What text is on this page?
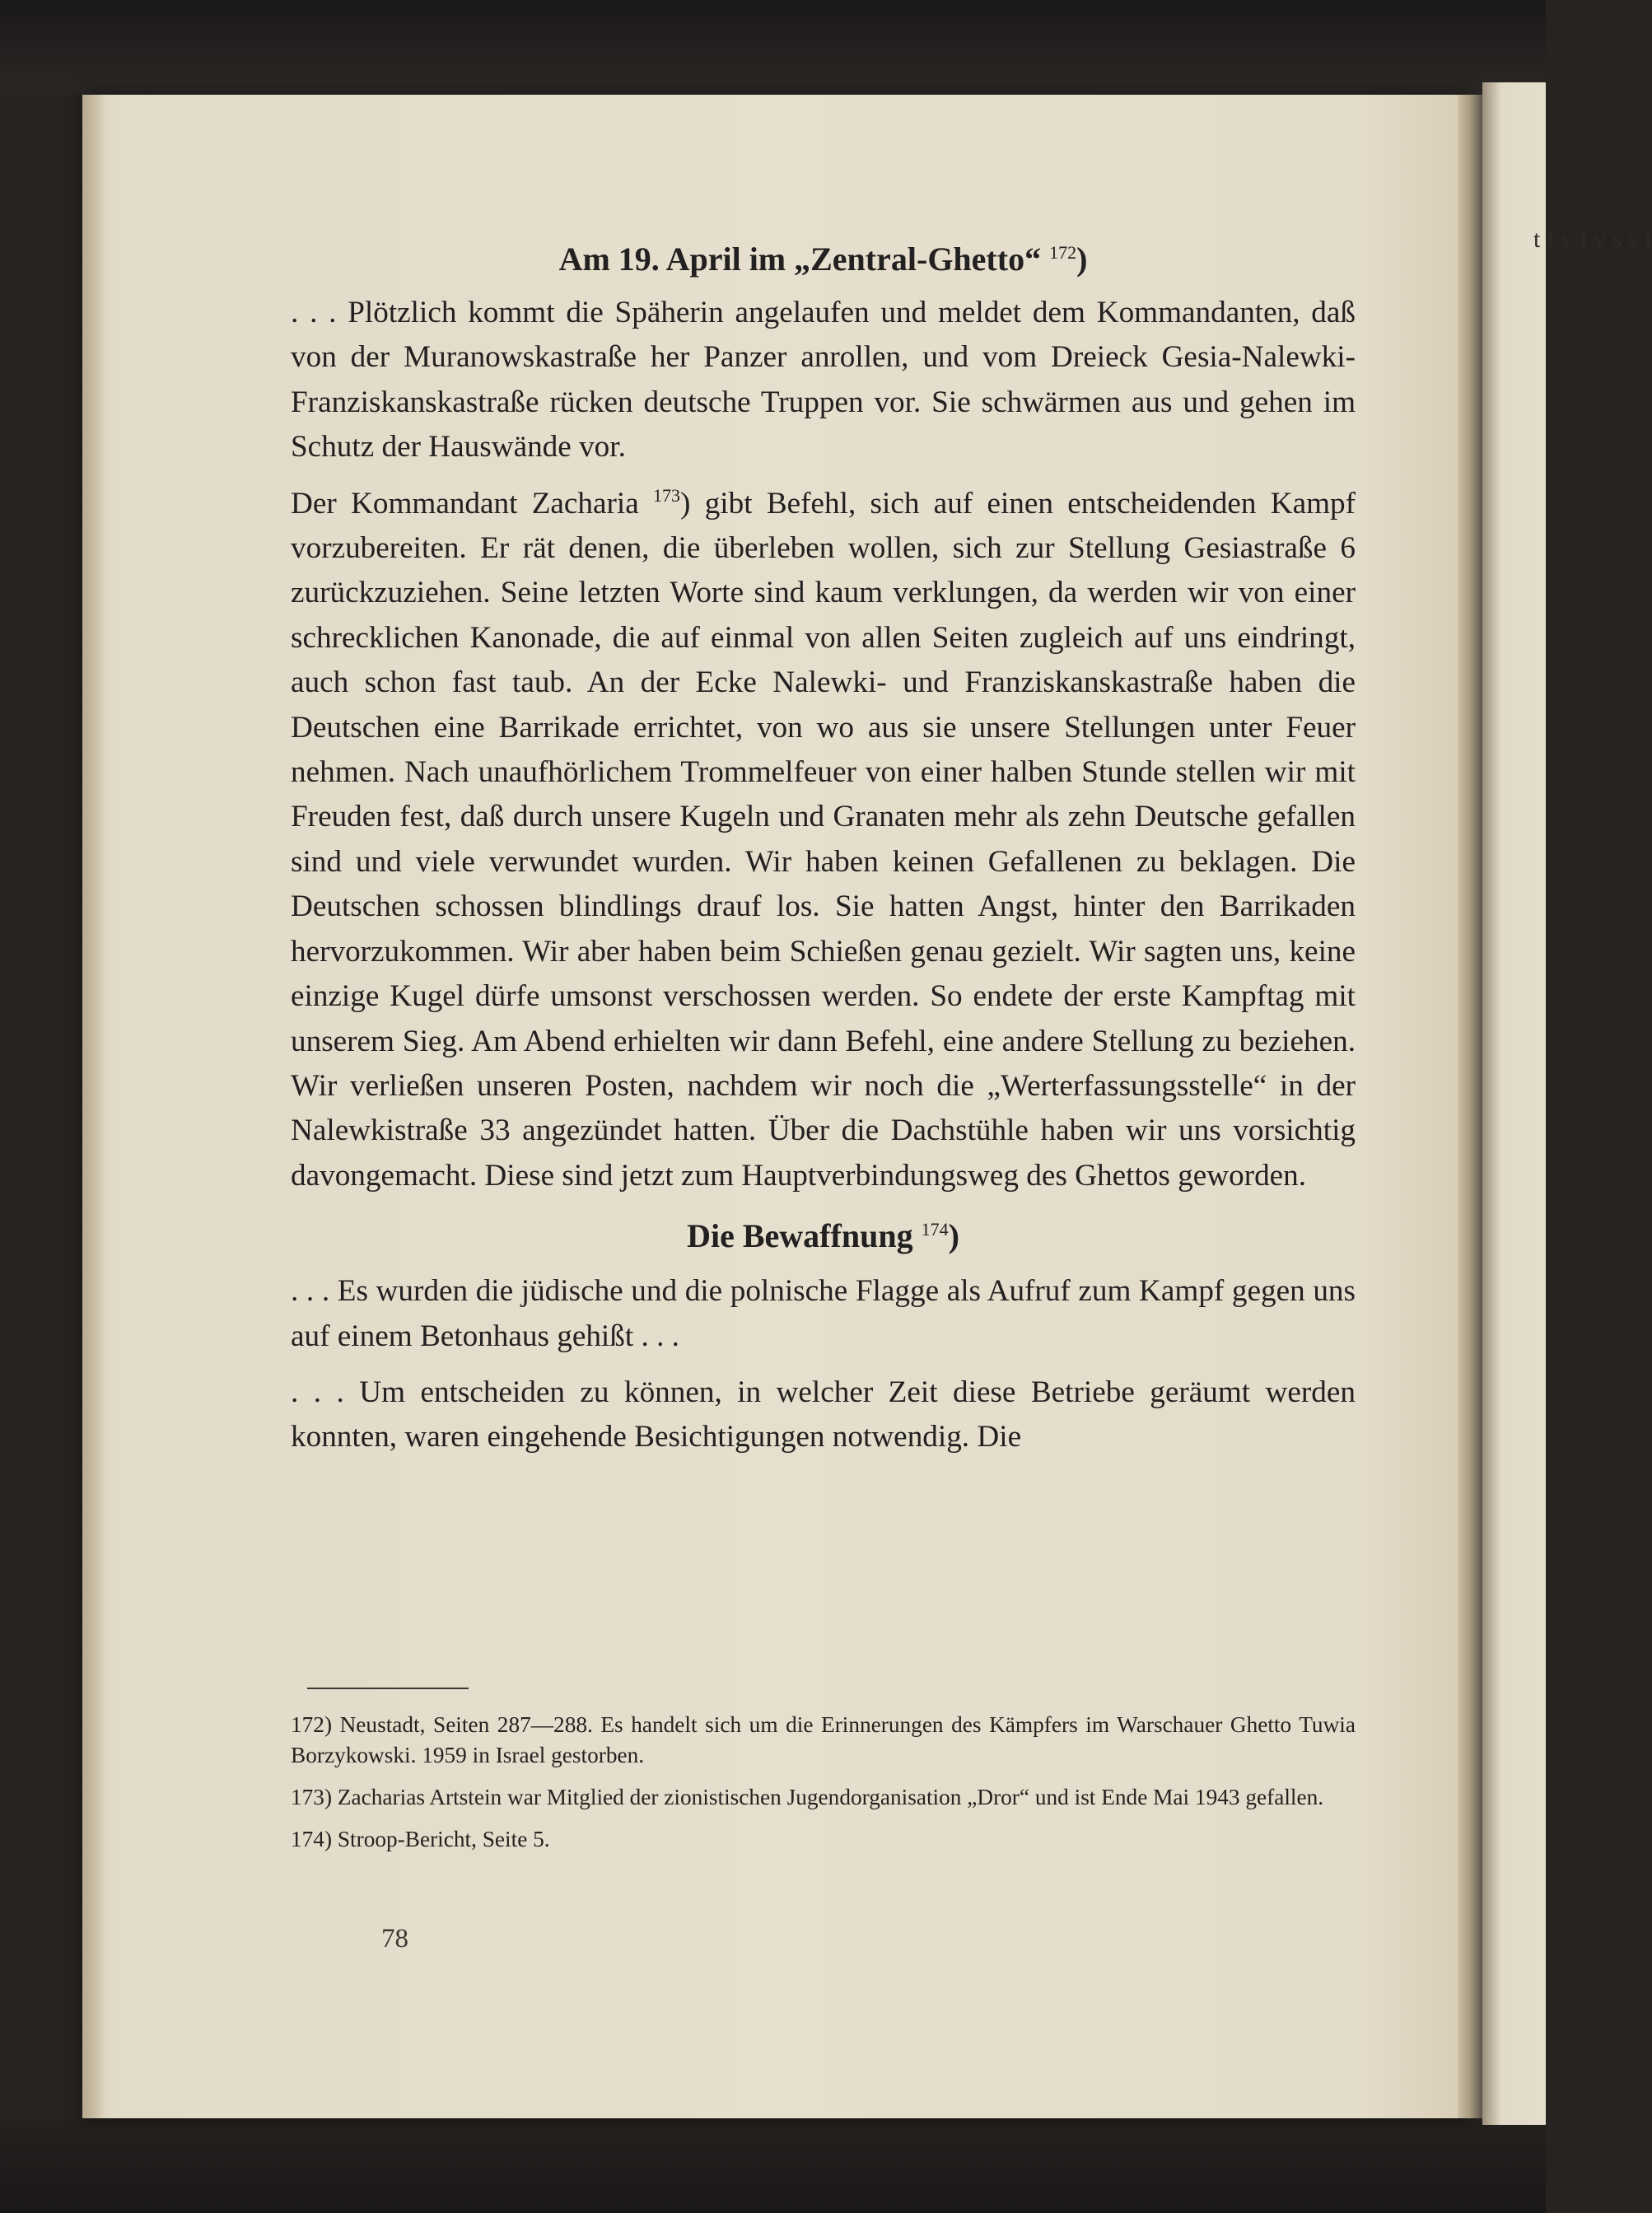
t I v I v s s I
Am 19. April im „Zentral-Ghetto“ $^{172}$)

. . . Plötzlich kommt die Späherin angelaufen und meldet dem Kommandanten, daß von der Muranowskastraße her Panzer anrollen, und vom Dreieck Gesia-Nalewki-Franziskanskastraße rücken deutsche Truppen vor. Sie schwärmen aus und gehen im Schutz der Hauswände vor.

Der Kommandant Zacharia $^{173}$) gibt Befehl, sich auf einen entscheidenden Kampf vorzubereiten. Er rät denen, die überleben wollen, sich zur Stellung Gesiastraße 6 zurückzuziehen. Seine letzten Worte sind kaum verklungen, da werden wir von einer schrecklichen Kanonade, die auf einmal von allen Seiten zugleich auf uns eindringt, auch schon fast taub. An der Ecke Nalewki- und Franziskanskastraße haben die Deutschen eine Barrikade errichtet, von wo aus sie unsere Stellungen unter Feuer nehmen. Nach unaufhörlichem Trommelfeuer von einer halben Stunde stellen wir mit Freuden fest, daß durch unsere Kugeln und Granaten mehr als zehn Deutsche gefallen sind und viele verwundet wurden. Wir haben keinen Gefallenen zu beklagen. Die Deutschen schossen blindlings drauf los. Sie hatten Angst, hinter den Barrikaden hervorzukommen. Wir aber haben beim Schießen genau gezielt. Wir sagten uns, keine einzige Kugel dürfe umsonst verschossen werden. So endete der erste Kampftag mit unserem Sieg. Am Abend erhielten wir dann Befehl, eine andere Stellung zu beziehen. Wir verließen unseren Posten, nachdem wir noch die „Werterfassungsstelle“ in der Nalewkistraße 33 angezündet hatten. Über die Dachstühle haben wir uns vorsichtig davongemacht. Diese sind jetzt zum Hauptverbindungsweg des Ghettos geworden.

Die Bewaffnung $^{174}$)

. . . Es wurden die jüdische und die polnische Flagge als Aufruf zum Kampf gegen uns auf einem Betonhaus gehißt . . .

. . . Um entscheiden zu können, in welcher Zeit diese Betriebe geräumt werden konnten, waren eingehende Besichtigungen notwendig. Die

172) Neustadt, Seiten 287—288. Es handelt sich um die Erinnerungen des Kämpfers im Warschauer Ghetto Tuwia Borzykowski. 1959 in Israel gestorben.

173) Zacharias Artstein war Mitglied der zionistischen Jugendorganisation „Dror“ und ist Ende Mai 1943 gefallen.

174) Stroop-Bericht, Seite 5.

78
